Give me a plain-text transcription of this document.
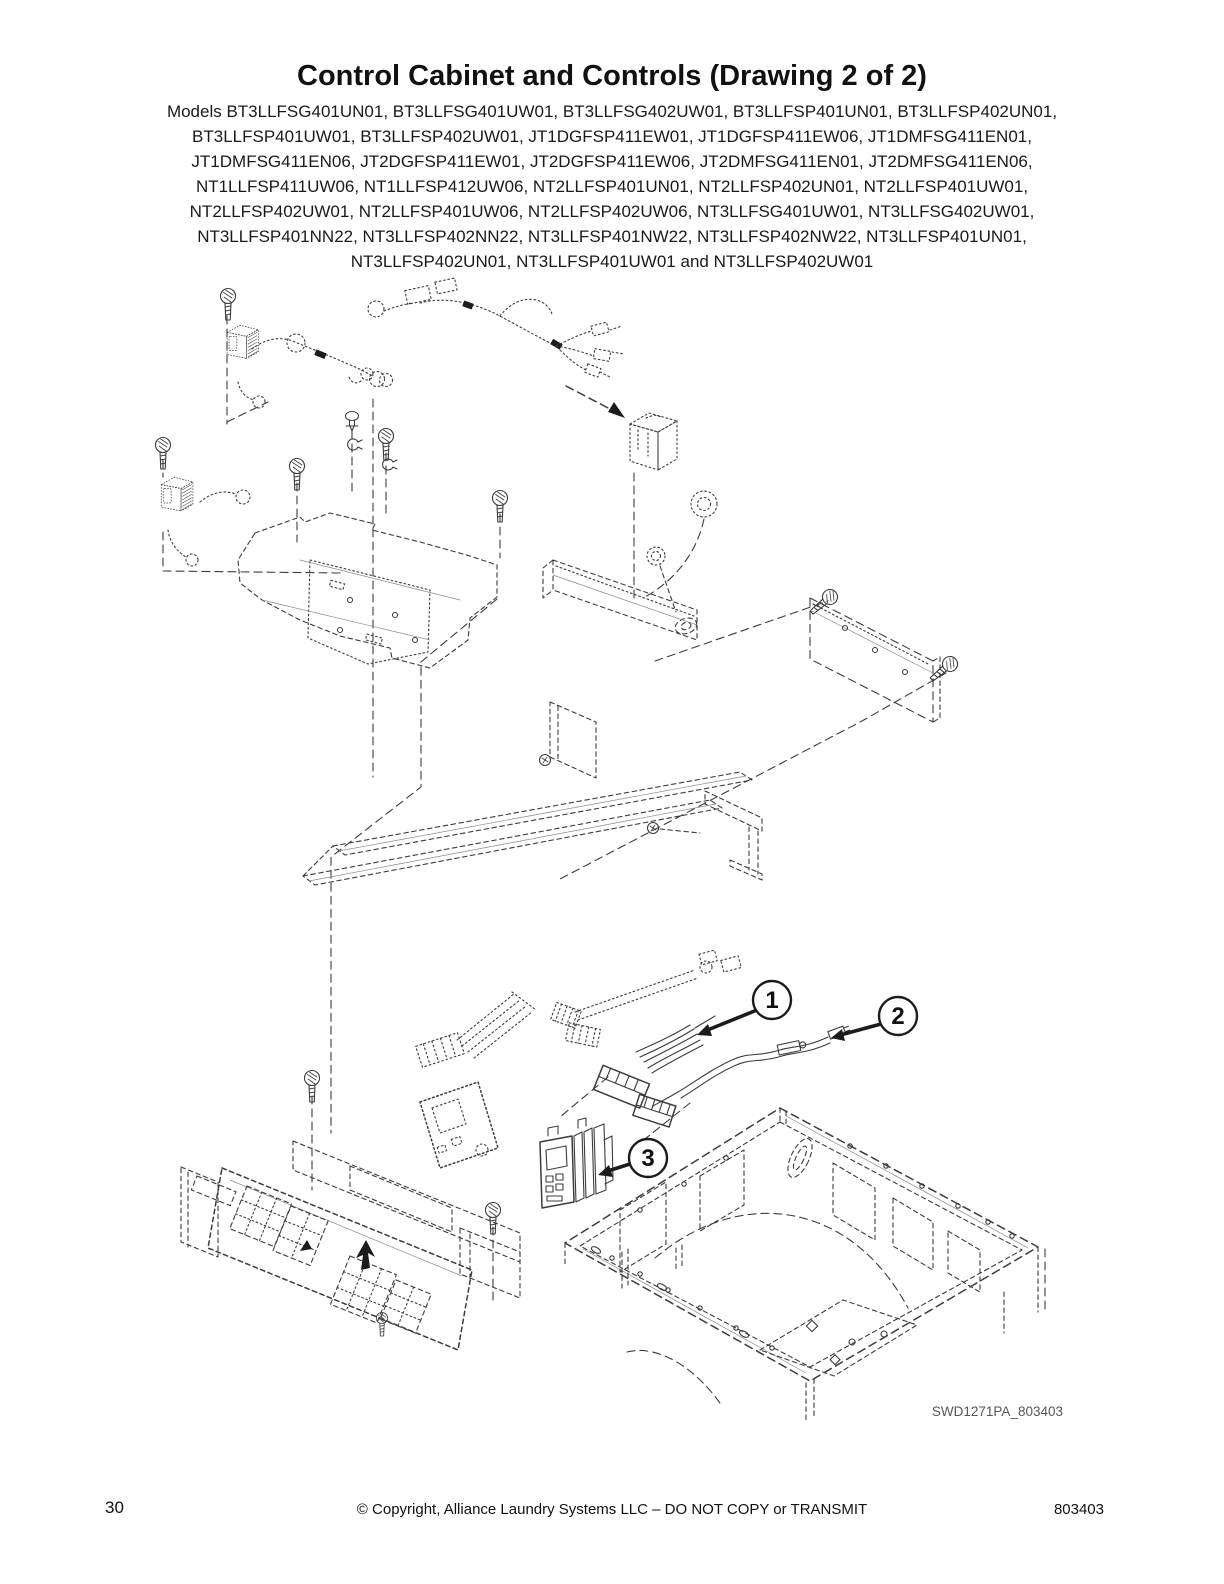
Control Cabinet and Controls (Drawing 2 of 2)
Models BT3LLFSG401UN01, BT3LLFSG401UW01, BT3LLFSG402UW01, BT3LLFSP401UN01, BT3LLFSP402UN01,
BT3LLFSP401UW01, BT3LLFSP402UW01, JT1DGFSP411EW01, JT1DGFSP411EW06, JT1DMFSG411EN01,
JT1DMFSG411EN06, JT2DGFSP411EW01, JT2DGFSP411EW06, JT2DMFSG411EN01, JT2DMFSG411EN06,
NT1LLFSP411UW06, NT1LLFSP412UW06, NT2LLFSP401UN01, NT2LLFSP402UN01, NT2LLFSP401UW01,
NT2LLFSP402UW01, NT2LLFSP401UW06, NT2LLFSP402UW06, NT3LLFSG401UW01, NT3LLFSG402UW01,
NT3LLFSP401NN22, NT3LLFSP402NN22, NT3LLFSP401NW22, NT3LLFSP402NW22, NT3LLFSP401UN01,
NT3LLFSP402UN01, NT3LLFSP401UW01 and NT3LLFSP402UW01
1
2
3
SWD1271PA_803403
30	© Copyright, Alliance Laundry Systems LLC – DO NOT COPY or TRANSMIT	803403
